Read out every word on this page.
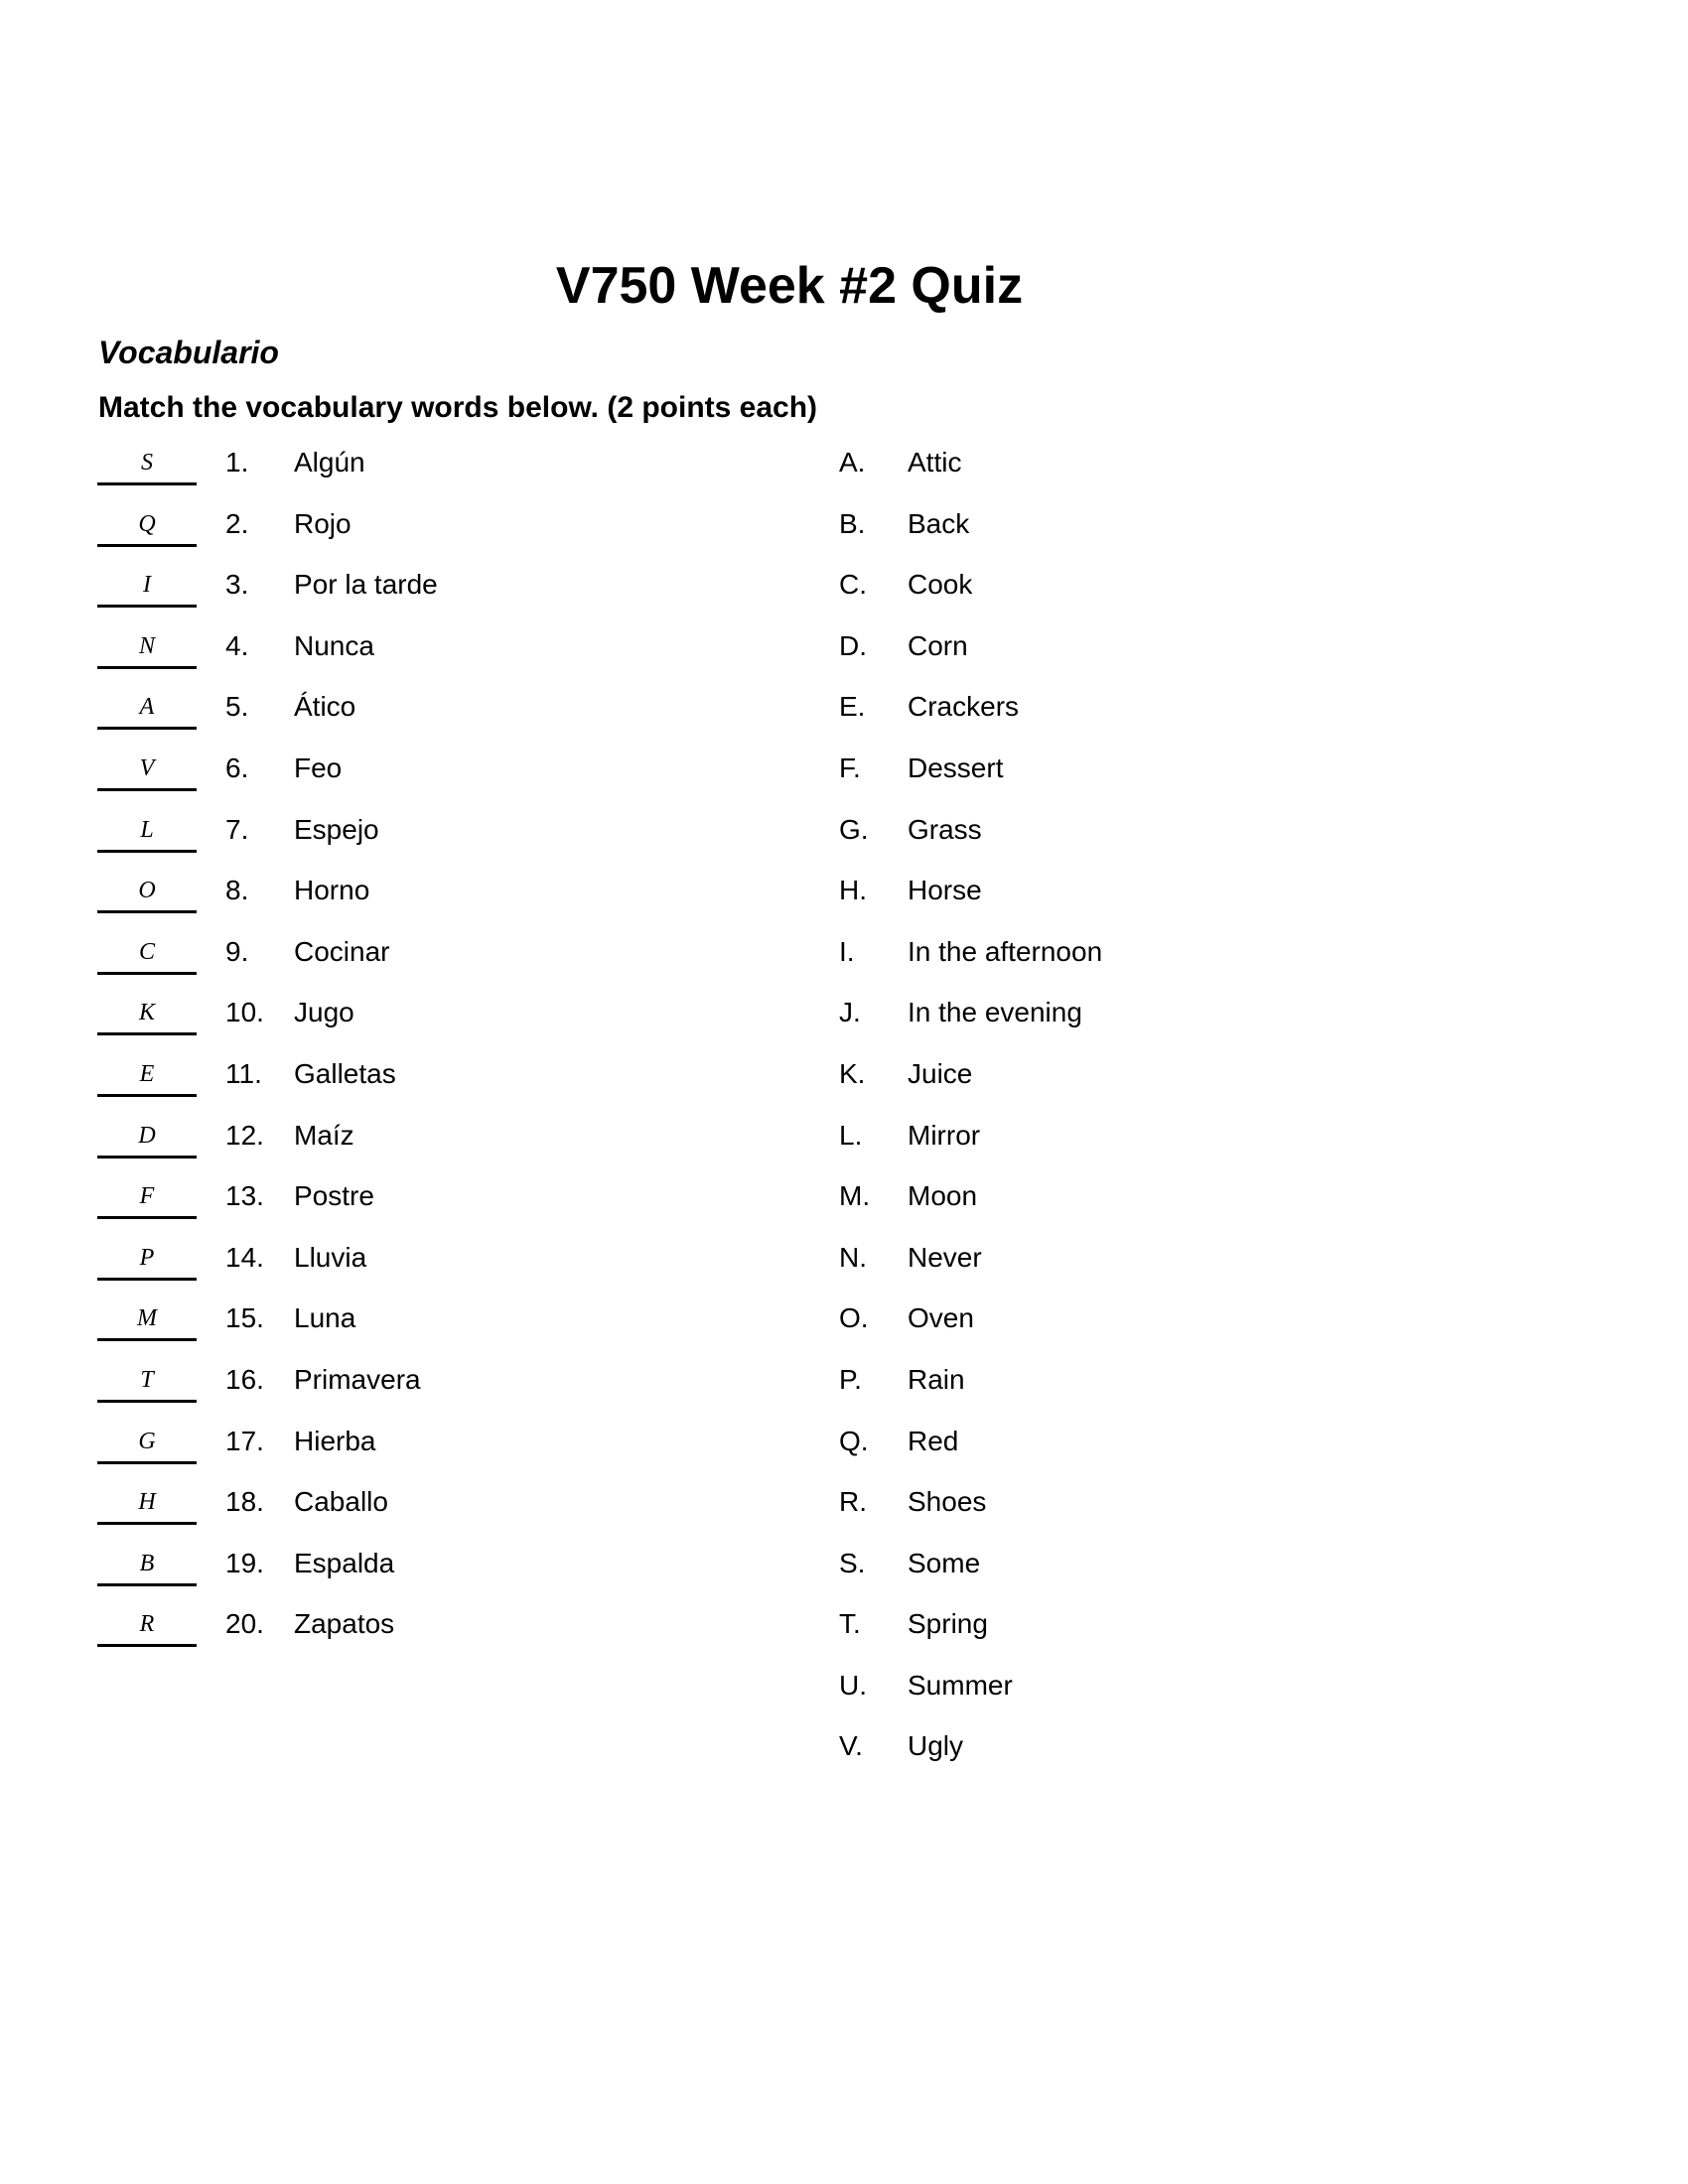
V750 Week #2 Quiz
Vocabulario
Match the vocabulary words below. (2 points each)
S	1. Algún
Q	2. Rojo
I	3. Por la tarde
N	4. Nunca
A	5. Ático
V	6. Feo
L	7. Espejo
O	8. Horno
C	9. Cocinar
K	10. Jugo
E	11. Galletas
D	12. Maíz
F	13. Postre
P	14. Lluvia
M	15. Luna
T	16. Primavera
G	17. Hierba
H	18. Caballo
B	19. Espalda
R	20. Zapatos
A. Attic
B. Back
C. Cook
D. Corn
E. Crackers
F. Dessert
G. Grass
H. Horse
I. In the afternoon
J. In the evening
K. Juice
L. Mirror
M. Moon
N. Never
O. Oven
P. Rain
Q. Red
R. Shoes
S. Some
T. Spring
U. Summer
V. Ugly
